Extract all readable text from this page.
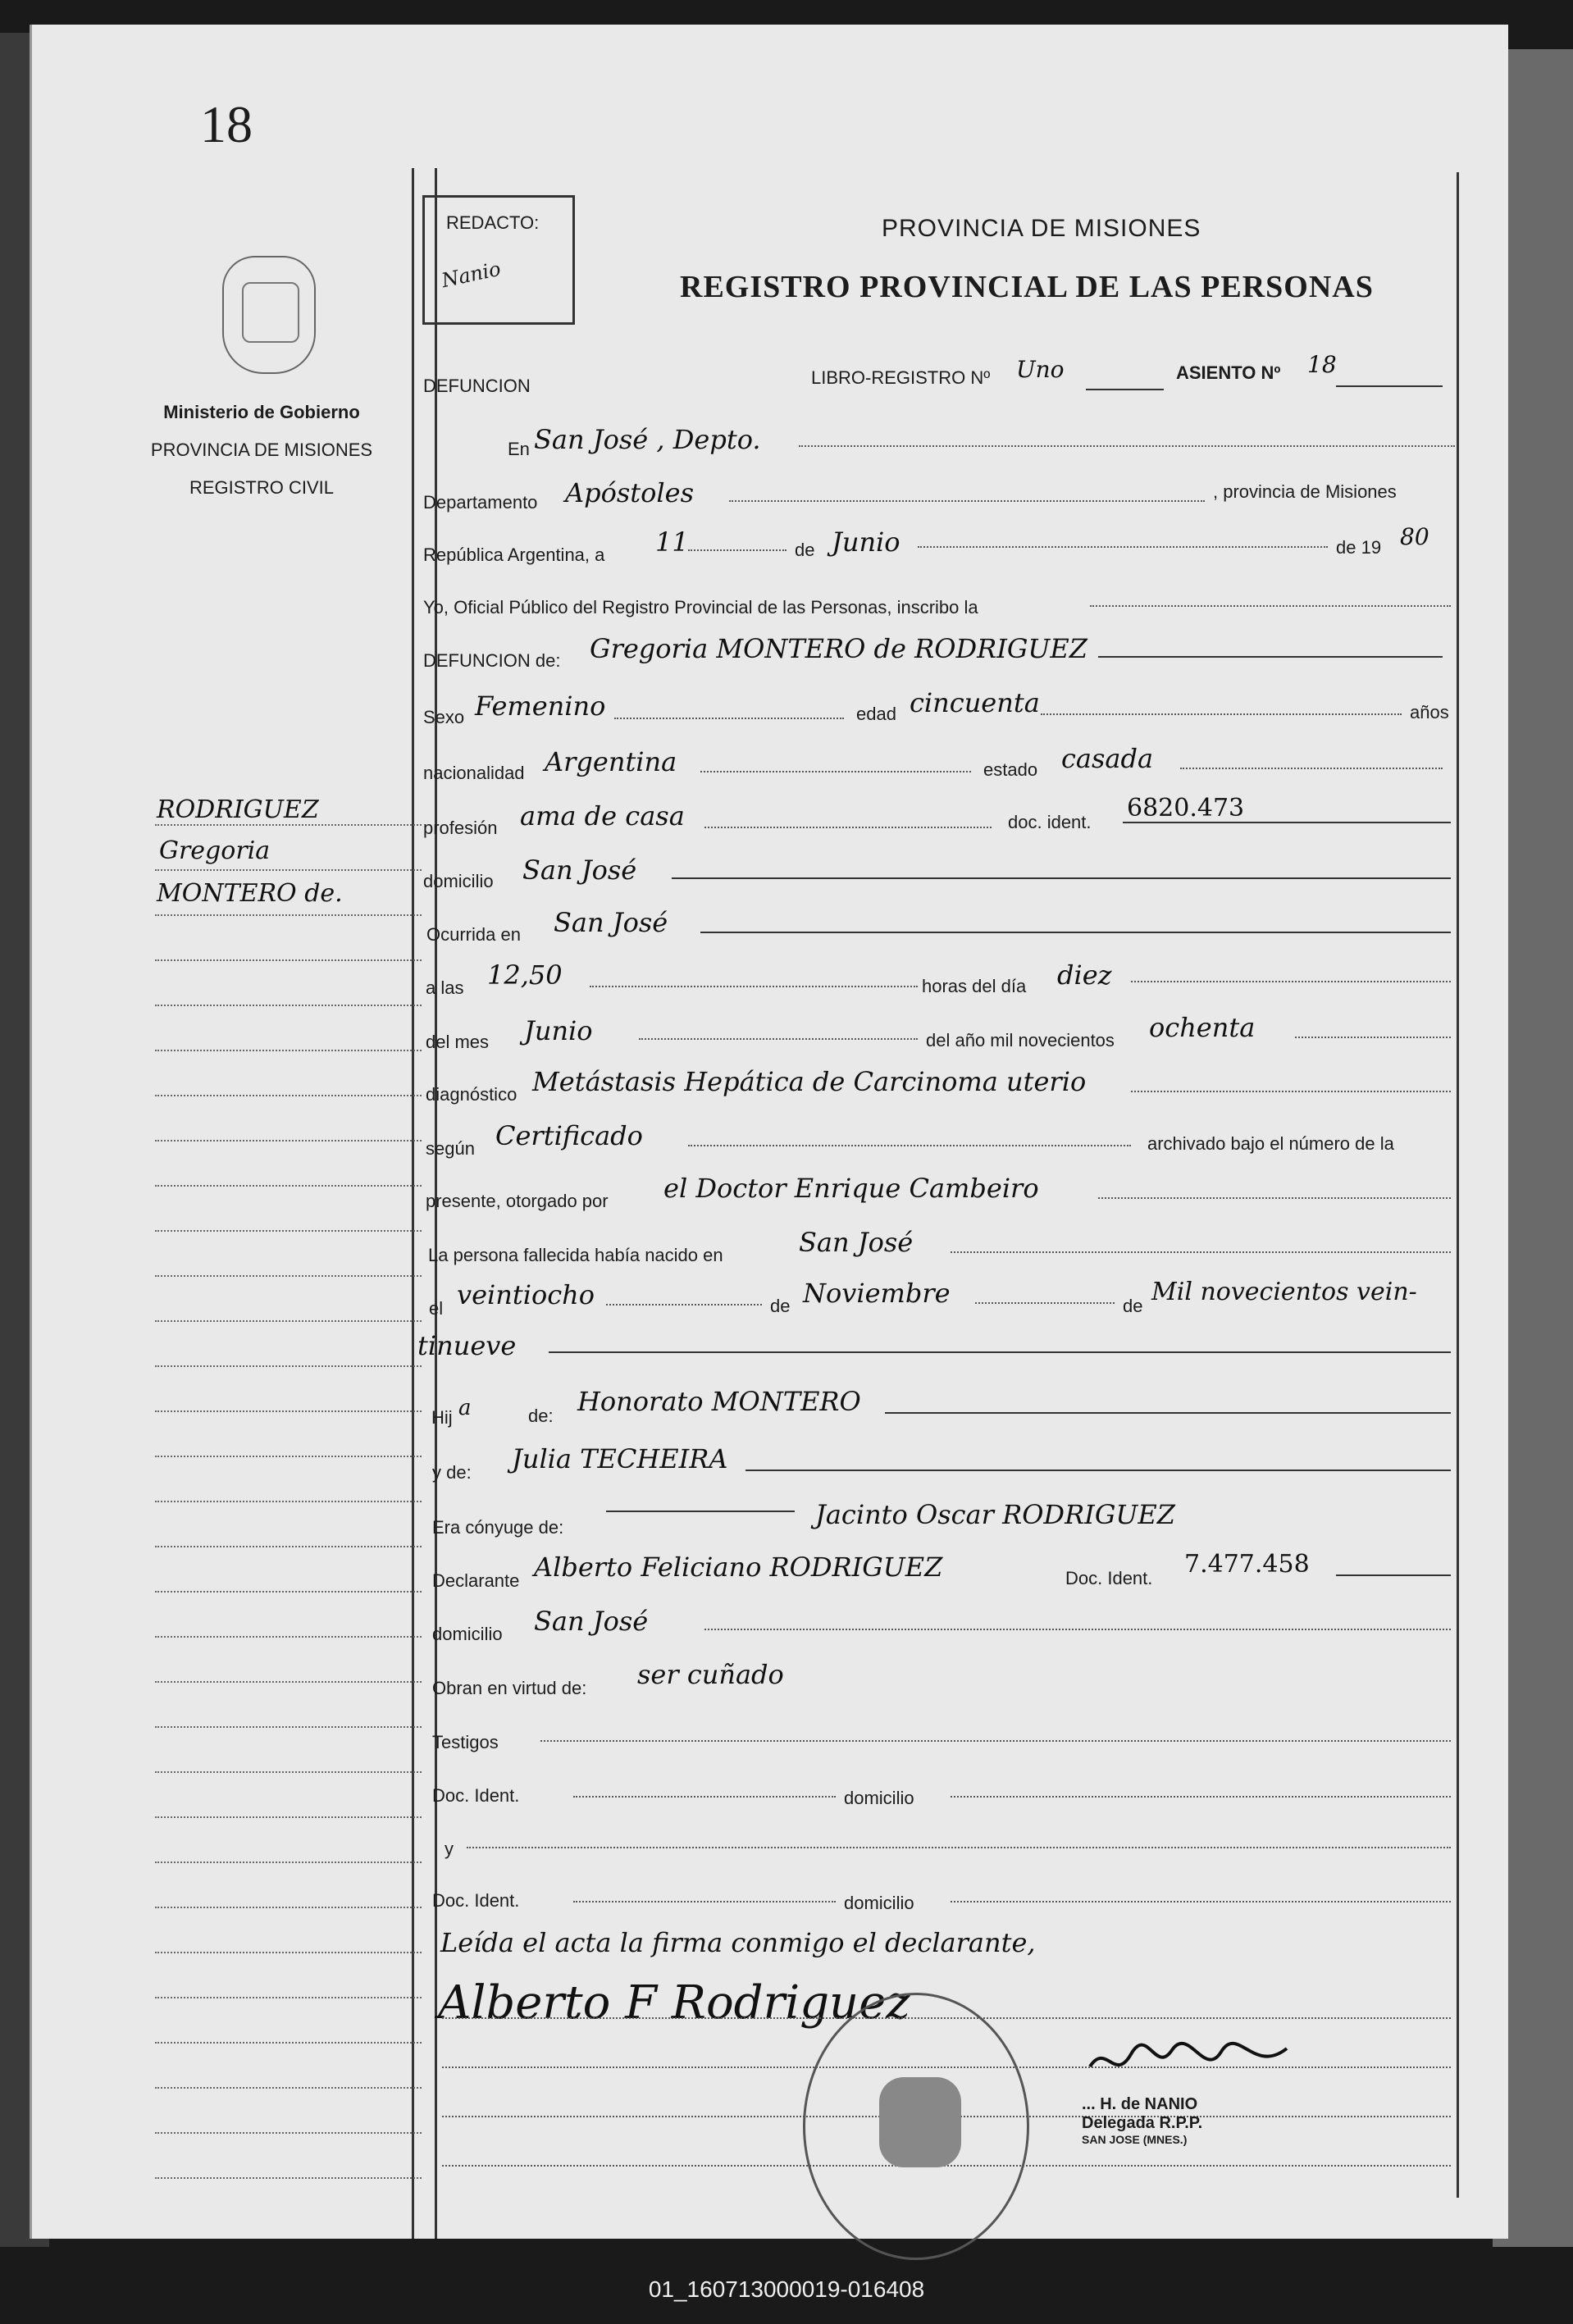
18
Ministerio de Gobierno
PROVINCIA DE MISIONES
REGISTRO CIVIL
RODRIGUEZ
Gregoria
MONTERO de.
REDACTO:
Nanio
PROVINCIA DE MISIONES
REGISTRO PROVINCIAL DE LAS PERSONAS
DEFUNCION	LIBRO-REGISTRO Nº Uno	ASIENTO Nº 18
En San José , Depto.
Departamento Apóstoles	, provincia de Misiones
República Argentina, a 11	de Junio	de 19 80
Yo, Oficial Público del Registro Provincial de las Personas, inscribo la
DEFUNCION de: Gregoria MONTERO de RODRIGUEZ
Sexo Femenino	edad cincuenta	años
nacionalidad Argentina	estado casada
profesión ama de casa	doc. ident. 6820.473
domicilio San José
Ocurrida en San José
a las 12,50	horas del día diez
del mes Junio	del año mil novecientos ochenta
diagnóstico Metástasis Hepática de Carcinoma uterio
según Certificado	archivado bajo el número de la
presente, otorgado por el Doctor Enrique Cambeiro
La persona fallecida había nacido en	San José
el veintiocho	de Noviembre	de Mil novecientos vein-
tinueve
Hij a	de: Honorato MONTERO
y de: Julia TECHEIRA
Era cónyuge de:	Jacinto Oscar RODRIGUEZ
Declarante Alberto Feliciano RODRIGUEZ	Doc. Ident. 7.477.458
domicilio San José
Obran en virtud de: ser cuñado
Testigos
Doc. Ident.	domicilio
y
Doc. Ident.	domicilio
Leída el acta la firma conmigo el declarante,
Alberto F Rodriguez
... H. de NANIO
Delegada R.P.P.
SAN JOSE (MNES.)
01_160713000019-016408
